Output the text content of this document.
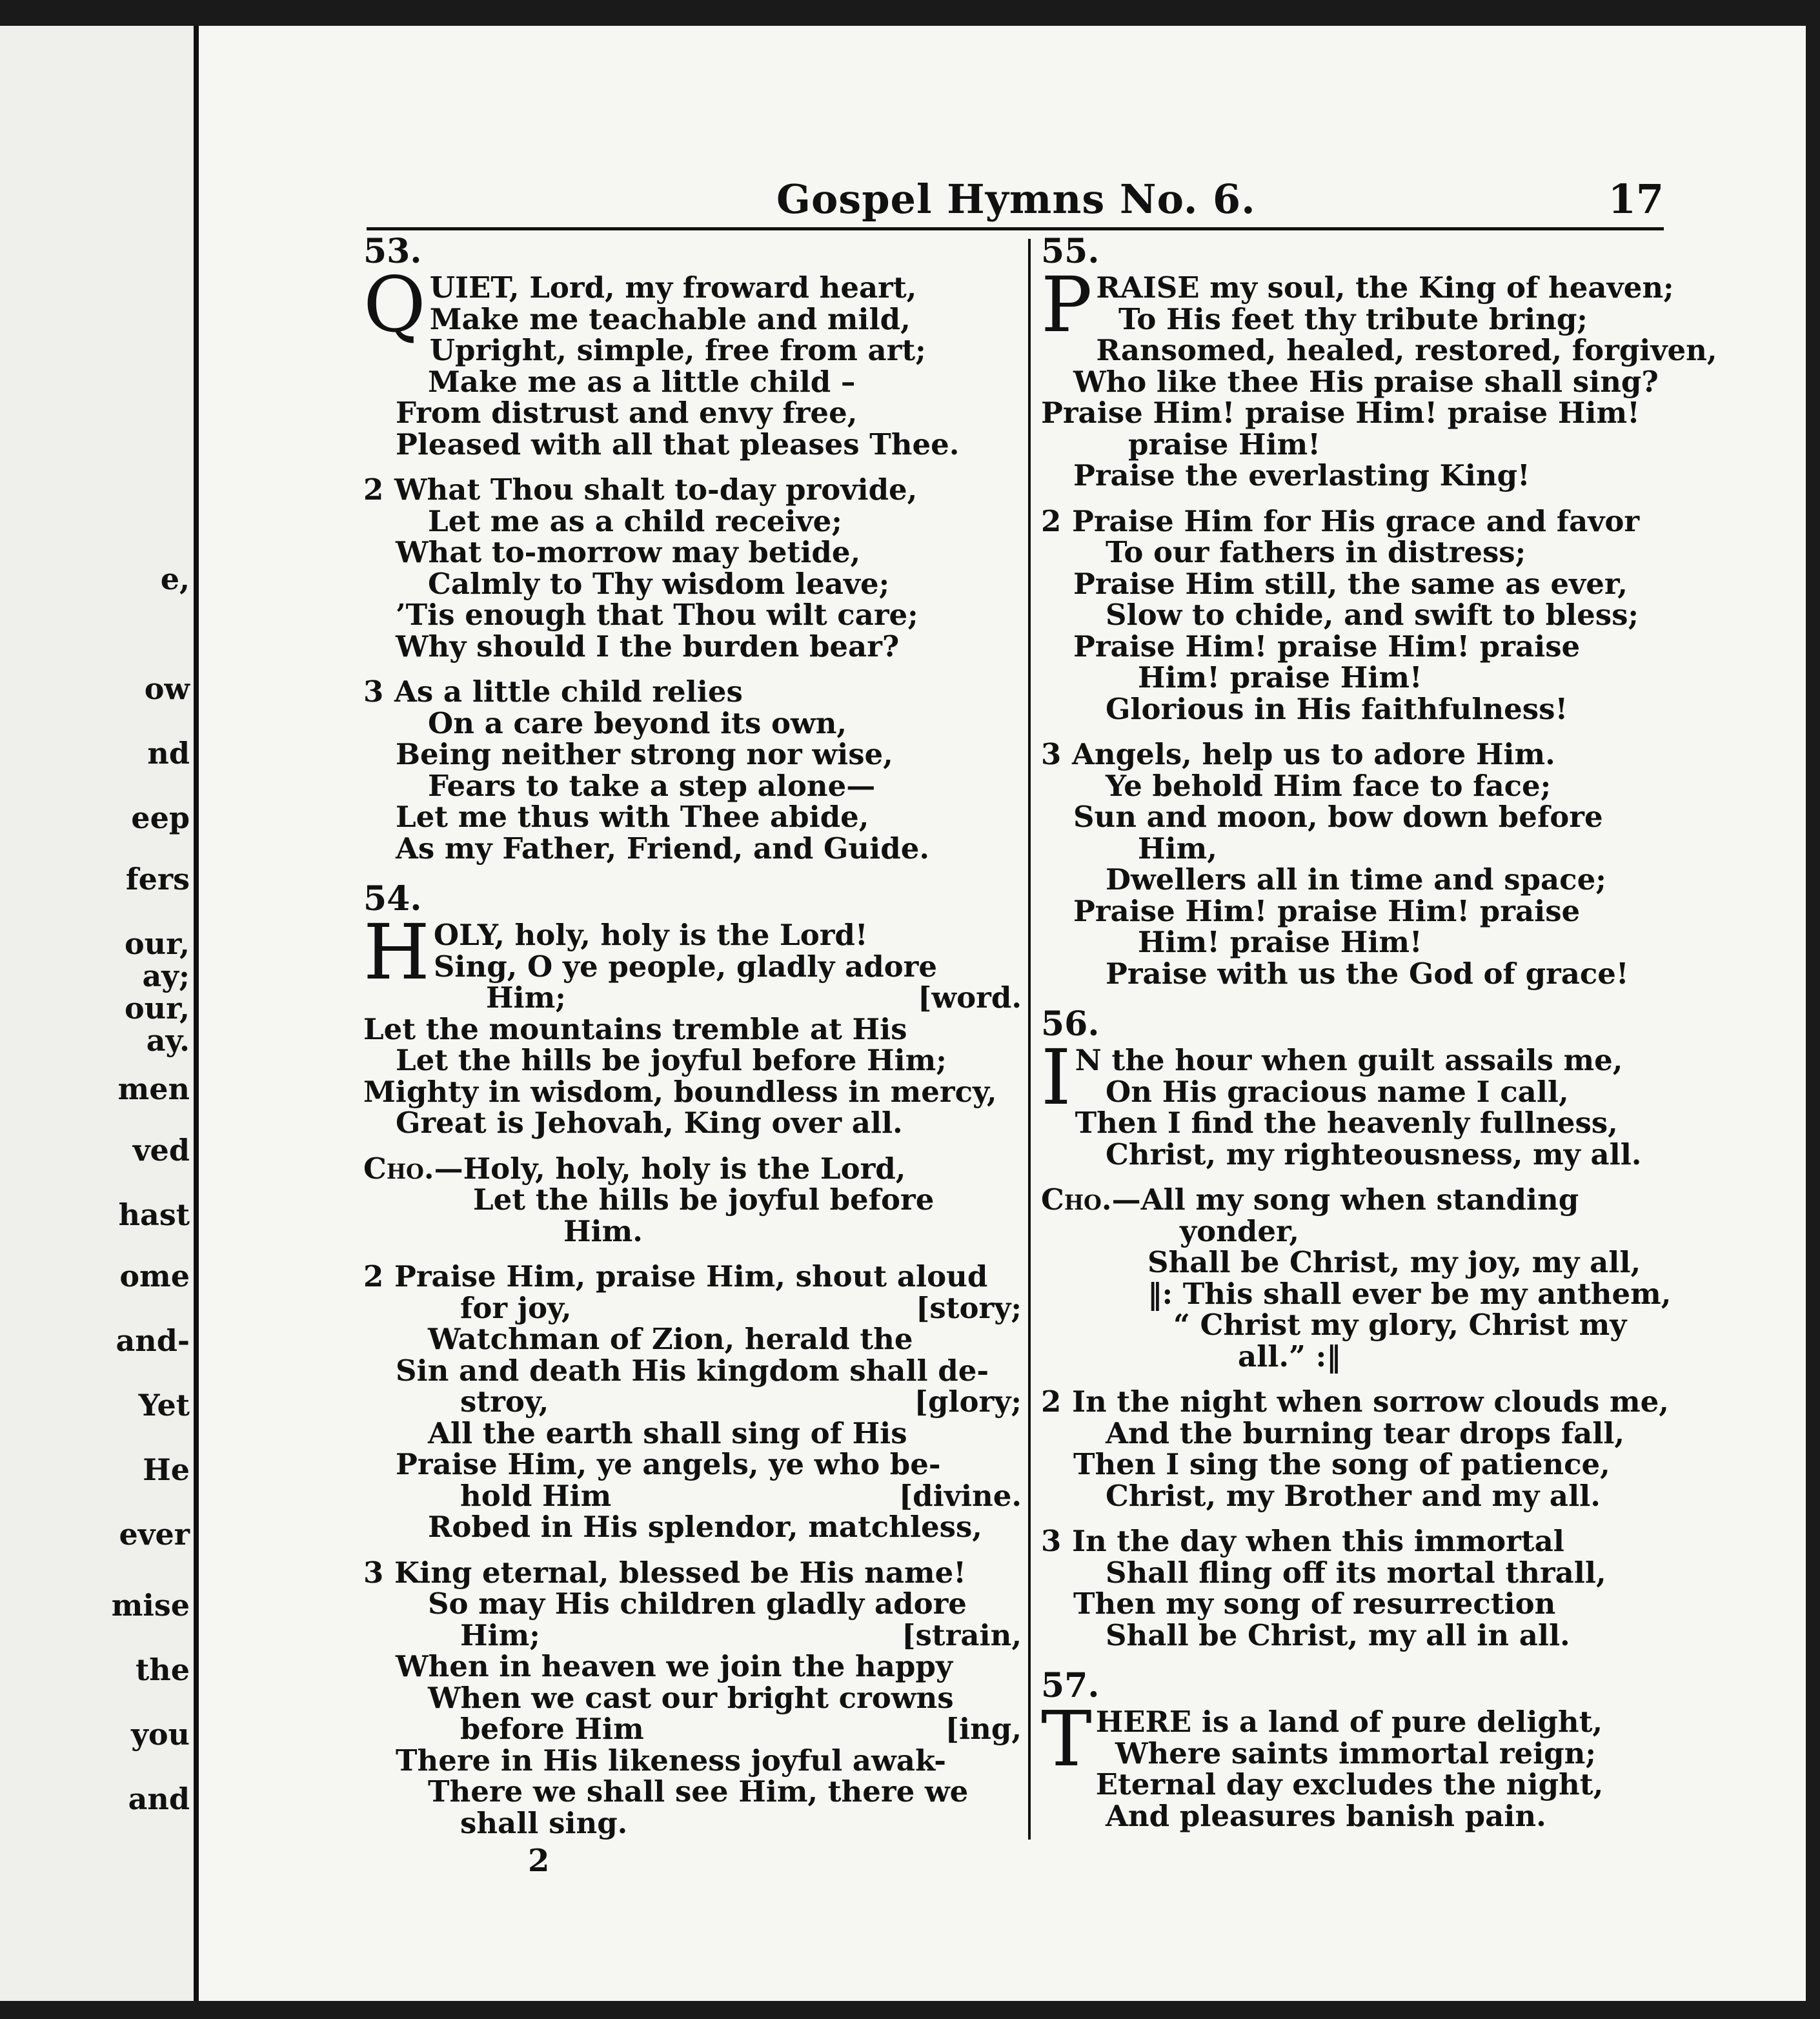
e,
ow
nd
eep
fers
our,
ay;
our,
ay.
men
ved
hast
ome
and-
Yet
He
ever
mise
the
you
and
Gospel Hymns No. 6.	17
53.
QUIET, Lord, my froward heart,
Make me teachable and mild,
Upright, simple, free from art;
Make me as a little child –
From distrust and envy free,
Pleased with all that pleases Thee.
2 What Thou shalt to-day provide,
Let me as a child receive;
What to-morrow may betide,
Calmly to Thy wisdom leave;
’Tis enough that Thou wilt care;
Why should I the burden bear?
3 As a little child relies
On a care beyond its own,
Being neither strong nor wise,
Fears to take a step alone—
Let me thus with Thee abide,
As my Father, Friend, and Guide.
54.
HOLY, holy, holy is the Lord!
Sing, O ye people, gladly adore
Him;	[word.
Let the mountains tremble at His
Let the hills be joyful before Him;
Mighty in wisdom, boundless in mercy,
Great is Jehovah, King over all.
Cho.—Holy, holy, holy is the Lord,
Let the hills be joyful before
Him.
2 Praise Him, praise Him, shout aloud
for joy,	[story;
Watchman of Zion, herald the
Sin and death His kingdom shall de-
stroy,	[glory;
All the earth shall sing of His
Praise Him, ye angels, ye who be-
hold Him	[divine.
Robed in His splendor, matchless,
3 King eternal, blessed be His name!
So may His children gladly adore
Him;	[strain,
When in heaven we join the happy
When we cast our bright crowns
before Him	[ing,
There in His likeness joyful awak-
There we shall see Him, there we
shall sing.
55.
PRAISE my soul, the King of heaven;
To His feet thy tribute bring;
Ransomed, healed, restored, forgiven,
Who like thee His praise shall sing?
Praise Him! praise Him! praise Him!
praise Him!
Praise the everlasting King!
2 Praise Him for His grace and favor
To our fathers in distress;
Praise Him still, the same as ever,
Slow to chide, and swift to bless;
Praise Him! praise Him! praise
Him! praise Him!
Glorious in His faithfulness!
3 Angels, help us to adore Him.
Ye behold Him face to face;
Sun and moon, bow down before
Him,
Dwellers all in time and space;
Praise Him! praise Him! praise
Him! praise Him!
Praise with us the God of grace!
56.
I N the hour when guilt assails me,
On His gracious name I call,
Then I find the heavenly fullness,
Christ, my righteousness, my all.
Cho.—All my song when standing
yonder,
Shall be Christ, my joy, my all,
‖: This shall ever be my anthem,
“ Christ my glory, Christ my
all.” :‖
2 In the night when sorrow clouds me,
And the burning tear drops fall,
Then I sing the song of patience,
Christ, my Brother and my all.
3 In the day when this immortal
Shall fling off its mortal thrall,
Then my song of resurrection
Shall be Christ, my all in all.
57.
THERE is a land of pure delight,
Where saints immortal reign;
Eternal day excludes the night,
And pleasures banish pain.
2
